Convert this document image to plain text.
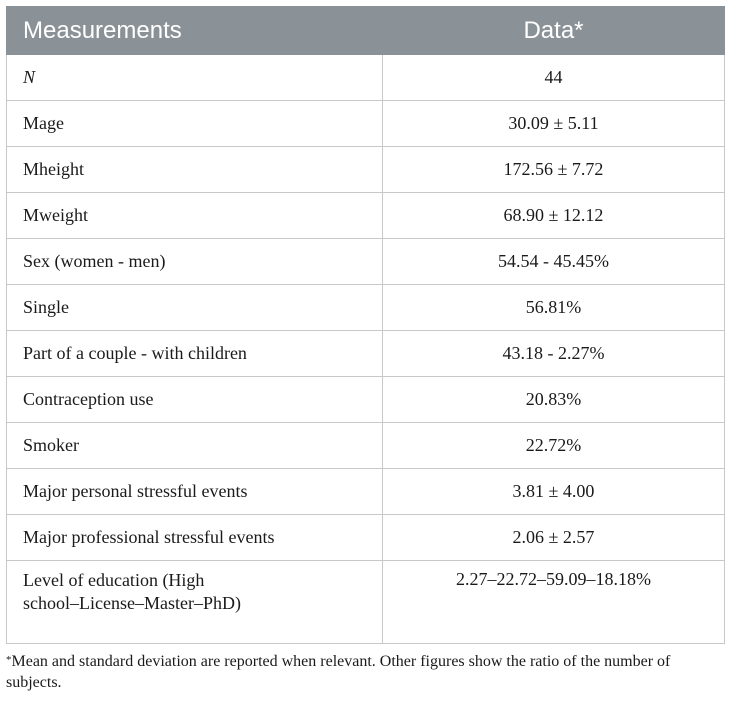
Measurements	Data*
N	44
Mage	30.09 ± 5.11
Mheight	172.56 ± 7.72
Mweight	68.90 ± 12.12
Sex (women - men)	54.54 - 45.45%
Single	56.81%
Part of a couple - with children	43.18 - 2.27%
Contraception use	20.83%
Smoker	22.72%
Major personal stressful events	3.81 ± 4.00
Major professional stressful events	2.06 ± 2.57
Level of education (High
school–License–Master–PhD)	2.27–22.72–59.09–18.18%
*Mean and standard deviation are reported when relevant. Other figures show the ratio of the number of subjects.
